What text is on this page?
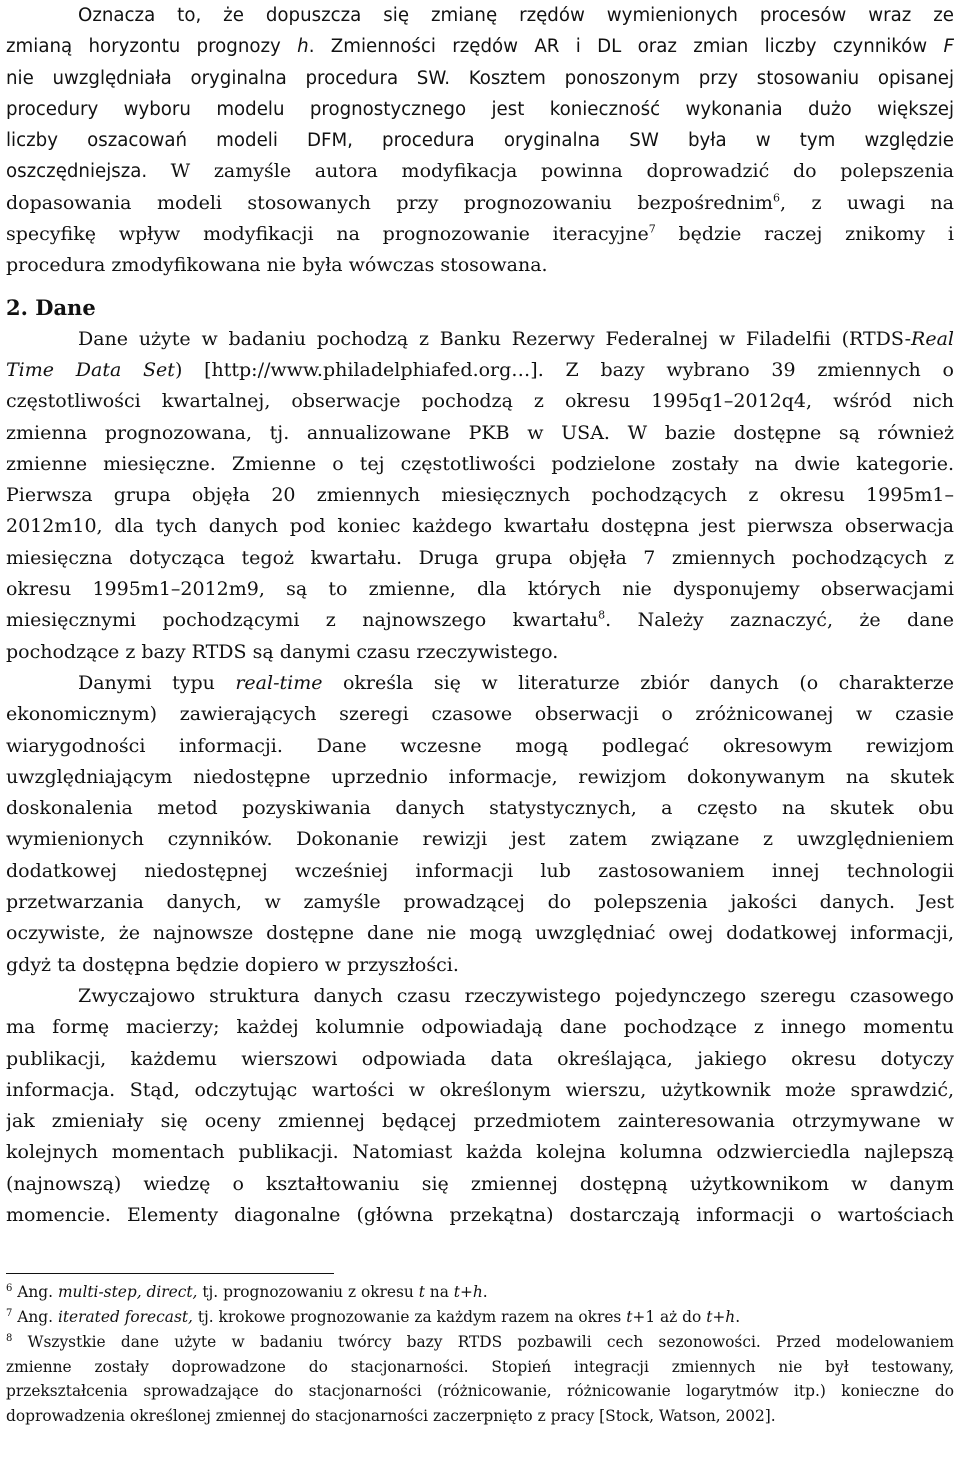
Oznacza to, że dopuszcza się zmianę rzędów wymienionych procesów wraz ze
zmianą horyzontu prognozy h. Zmienności rzędów AR i DL oraz zmian liczby czynników F
nie uwzględniała oryginalna procedura SW. Kosztem ponoszonym przy stosowaniu opisanej
procedury wyboru modelu prognostycznego jest konieczność wykonania dużo większej
liczby oszacowań modeli DFM, procedura oryginalna SW była w tym względzie
oszczędniejsza. W zamyśle autora modyfikacja powinna doprowadzić do polepszenia
dopasowania modeli stosowanych przy prognozowaniu bezpośrednim$^6$, z uwagi na
specyfikę wpływ modyfikacji na prognozowanie iteracyjne$^7$ będzie raczej znikomy i
procedura zmodyfikowana nie była wówczas stosowana.
2. Dane
Dane użyte w badaniu pochodzą z Banku Rezerwy Federalnej w Filadelfii (RTDS-Real
Time Data Set) [http://www.philadelphiafed.org…]. Z bazy wybrano 39 zmiennych o
częstotliwości kwartalnej, obserwacje pochodzą z okresu 1995q1–2012q4, wśród nich
zmienna prognozowana, tj. annualizowane PKB w USA. W bazie dostępne są również
zmienne miesięczne. Zmienne o tej częstotliwości podzielone zostały na dwie kategorie.
Pierwsza grupa objęła 20 zmiennych miesięcznych pochodzących z okresu 1995m1–
2012m10, dla tych danych pod koniec każdego kwartału dostępna jest pierwsza obserwacja
miesięczna dotycząca tegoż kwartału. Druga grupa objęła 7 zmiennych pochodzących z
okresu 1995m1–2012m9, są to zmienne, dla których nie dysponujemy obserwacjami
miesięcznymi pochodzącymi z najnowszego kwartału$^8$. Należy zaznaczyć, że dane
pochodzące z bazy RTDS są danymi czasu rzeczywistego.
Danymi typu real-time określa się w literaturze zbiór danych (o charakterze
ekonomicznym) zawierających szeregi czasowe obserwacji o zróżnicowanej w czasie
wiarygodności informacji. Dane wczesne mogą podlegać okresowym rewizjom
uwzględniającym niedostępne uprzednio informacje, rewizjom dokonywanym na skutek
doskonalenia metod pozyskiwania danych statystycznych, a często na skutek obu
wymienionych czynników. Dokonanie rewizji jest zatem związane z uwzględnieniem
dodatkowej niedostępnej wcześniej informacji lub zastosowaniem innej technologii
przetwarzania danych, w zamyśle prowadzącej do polepszenia jakości danych. Jest
oczywiste, że najnowsze dostępne dane nie mogą uwzględniać owej dodatkowej informacji,
gdyż ta dostępna będzie dopiero w przyszłości.
Zwyczajowo struktura danych czasu rzeczywistego pojedynczego szeregu czasowego
ma formę macierzy; każdej kolumnie odpowiadają dane pochodzące z innego momentu
publikacji, każdemu wierszowi odpowiada data określająca, jakiego okresu dotyczy
informacja. Stąd, odczytując wartości w określonym wierszu, użytkownik może sprawdzić,
jak zmieniały się oceny zmiennej będącej przedmiotem zainteresowania otrzymywane w
kolejnych momentach publikacji. Natomiast każda kolejna kolumna odzwierciedla najlepszą
(najnowszą) wiedzę o kształtowaniu się zmiennej dostępną użytkownikom w danym
momencie. Elementy diagonalne (główna przekątna) dostarczają informacji o wartościach
$^6$ Ang. multi-step, direct, tj. prognozowaniu z okresu t na t+h.
$^7$ Ang. iterated forecast, tj. krokowe prognozowanie za każdym razem na okres t+1 aż do t+h.
$^8$ Wszystkie dane użyte w badaniu twórcy bazy RTDS pozbawili cech sezonowości. Przed modelowaniem
zmienne zostały doprowadzone do stacjonarności. Stopień integracji zmiennych nie był testowany,
przekształcenia sprowadzające do stacjonarności (różnicowanie, różnicowanie logarytmów itp.) konieczne do
doprowadzenia określonej zmiennej do stacjonarności zaczerpnięto z pracy [Stock, Watson, 2002].
